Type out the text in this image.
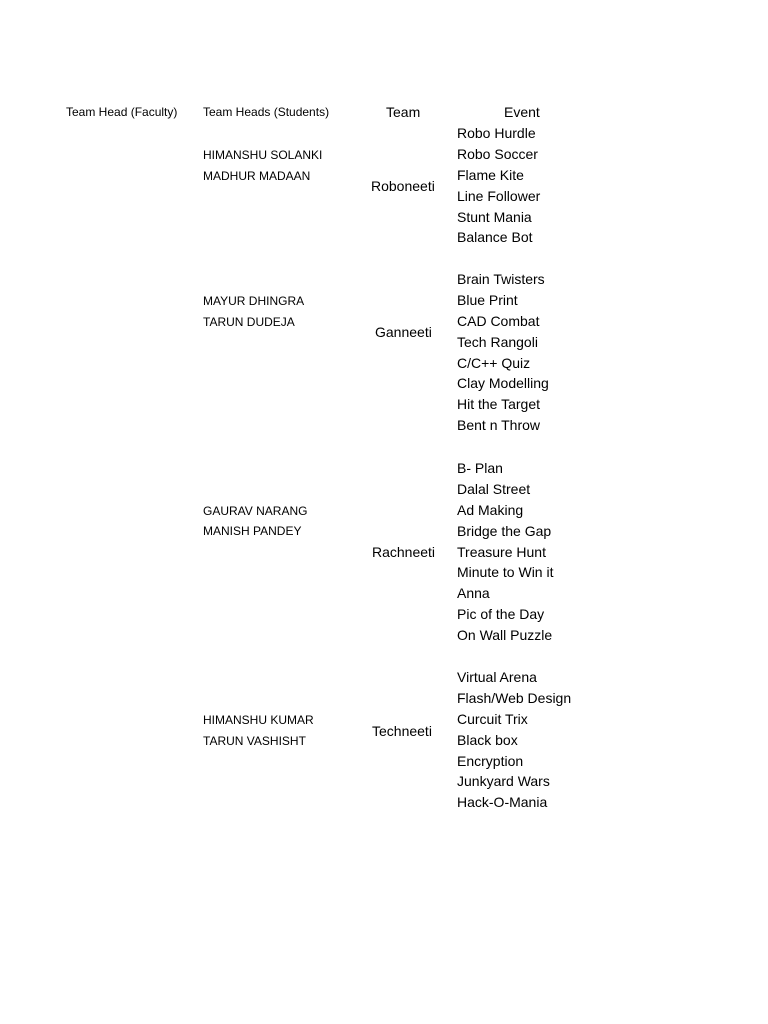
Team Head (Faculty) Team Heads (Students)	Team	Event
HIMANSHU SOLANKI
MADHUR MADAAN
Roboneeti
Robo Hurdle
Robo Soccer
Flame Kite
Line Follower
Stunt Mania
Balance Bot
MAYUR DHINGRA
TARUN DUDEJA
Ganneeti
Brain Twisters
Blue Print
CAD Combat
Tech Rangoli
C/C++ Quiz
Clay Modelling
Hit the Target
Bent n Throw
GAURAV NARANG
MANISH PANDEY
Rachneeti
B- Plan
Dalal Street
Ad Making
Bridge the Gap
Treasure Hunt
Minute to Win it
Anna
Pic of the Day
On Wall Puzzle
HIMANSHU KUMAR
TARUN VASHISHT
Techneeti
Virtual Arena
Flash/Web Design
Curcuit Trix
Black box
Encryption
Junkyard Wars
Hack-O-Mania
